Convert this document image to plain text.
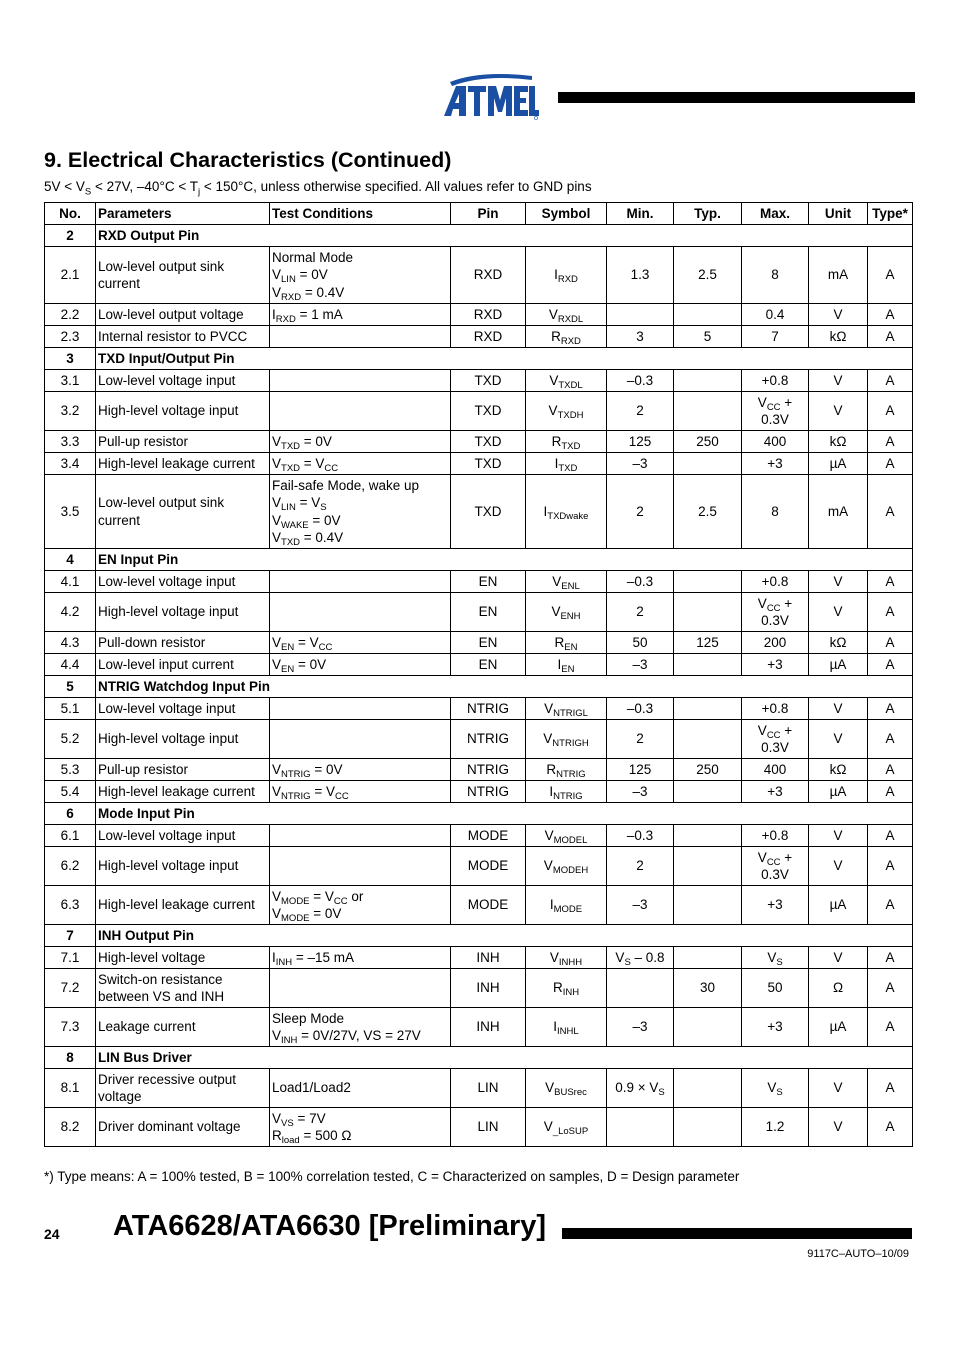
9. Electrical Characteristics (Continued)
$5V < V_S < 27V$, $-40^\circ C < T_j < 150^\circ C$, unless otherwise specified. All values refer to GND pins
No.	Parameters	Test Conditions	Pin	Symbol	Min.	Typ.	Max.	Unit	Type*
2	RXD Output Pin								
2.1	Low-level output sink current	Normal Mode
$V_{LIN} = 0V$
$V_{RXD} = 0.4V$	RXD	$I_{RXD}$	1.3	2.5	8	mA	A
2.2	Low-level output voltage	$I_{RXD} = 1$ mA	RXD	$V_{RXDL}$			0.4	V	A
2.3	Internal resistor to PVCC		RXD	$R_{RXD}$	3	5	7	kΩ	A
3	TXD Input/Output Pin								
3.1	Low-level voltage input		TXD	$V_{TXDL}$	–0.3		+0.8	V	A
3.2	High-level voltage input		TXD	$V_{TXDH}$	2		$V_{CC} + 0.3V$	V	A
3.3	Pull-up resistor	$V_{TXD} = 0V$	TXD	$R_{TXD}$	125	250	400	kΩ	A
3.4	High-level leakage current	$V_{TXD} = V_{CC}$	TXD	$I_{TXD}$	–3		+3	µA	A
3.5	Low-level output sink current	Fail-safe Mode, wake up
$V_{LIN} = V_S$
$V_{WAKE} = 0V$
$V_{TXD} = 0.4V$	TXD	$I_{TXDwake}$	2	2.5	8	mA	A
4	EN Input Pin								
4.1	Low-level voltage input		EN	$V_{ENL}$	–0.3		+0.8	V	A
4.2	High-level voltage input		EN	$V_{ENH}$	2		$V_{CC} + 0.3V$	V	A
4.3	Pull-down resistor	$V_{EN} = V_{CC}$	EN	$R_{EN}$	50	125	200	kΩ	A
4.4	Low-level input current	$V_{EN} = 0V$	EN	$I_{EN}$	–3		+3	µA	A
5	NTRIG Watchdog Input Pin								
5.1	Low-level voltage input		NTRIG	$V_{NTRIGL}$	–0.3		+0.8	V	A
5.2	High-level voltage input		NTRIG	$V_{NTRIGH}$	2		$V_{CC} + 0.3V$	V	A
5.3	Pull-up resistor	$V_{NTRIG} = 0V$	NTRIG	$R_{NTRIG}$	125	250	400	kΩ	A
5.4	High-level leakage current	$V_{NTRIG} = V_{CC}$	NTRIG	$I_{NTRIG}$	–3		+3	µA	A
6	Mode Input Pin								
6.1	Low-level voltage input		MODE	$V_{MODEL}$	–0.3		+0.8	V	A
6.2	High-level voltage input		MODE	$V_{MODEH}$	2		$V_{CC} + 0.3V$	V	A
6.3	High-level leakage current	$V_{MODE} = V_{CC}$ or
$V_{MODE} = 0V$	MODE	$I_{MODE}$	–3		+3	µA	A
7	INH Output Pin								
7.1	High-level voltage	$I_{INH} = -15$ mA	INH	$V_{INHH}$	$V_S - 0.8$		$V_S$	V	A
7.2	Switch-on resistance between VS and INH		INH	$R_{INH}$		30	50	Ω	A
7.3	Leakage current	Sleep Mode
$V_{INH} = 0V/27V$, VS = 27V	INH	$I_{INHL}$	–3		+3	µA	A
8	LIN Bus Driver								
8.1	Driver recessive output voltage	Load1/Load2	LIN	$V_{BUSrec}$	$0.9 \times V_S$		$V_S$	V	A
8.2	Driver dominant voltage	$V_{VS} = 7V$
$R_{load} = 500$ Ω	LIN	$V_{\_LoSUP}$			1.2	V	A
*) Type means: A = 100% tested, B = 100% correlation tested, C = Characterized on samples, D = Design parameter
24 ATA6628/ATA6630 [Preliminary]
9117C–AUTO–10/09
